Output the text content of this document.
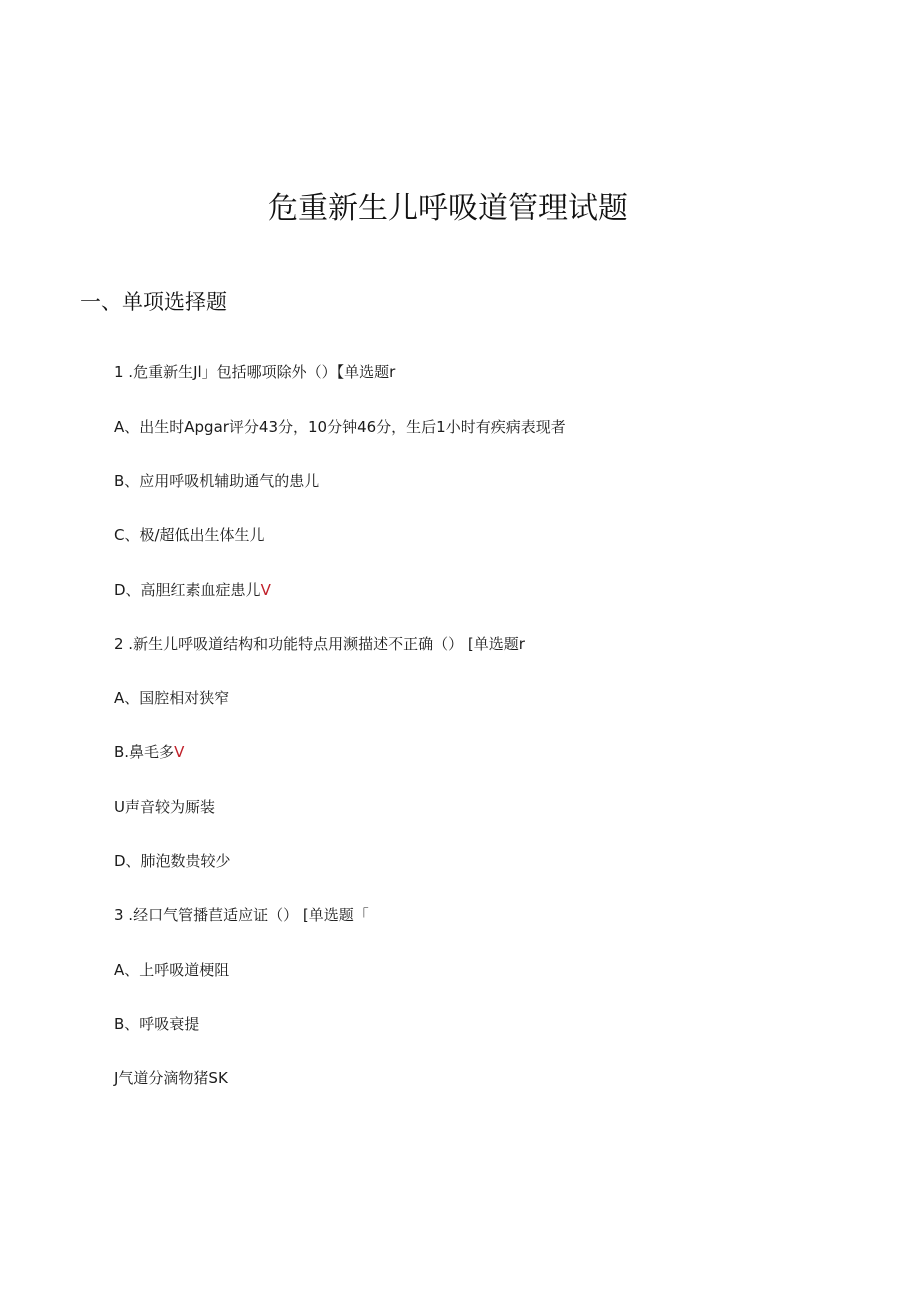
危重新生儿呼吸道管理试题
一、单项选择题
1 .危重新生Jl」包括哪项除外（）【单选题r
A、出生时Apgar评分43分，10分钟46分，生后1小时有疾病表现者
B、应用呼吸机辅助通气的患儿
C、极/超低出生体生儿
D、高胆红素血症患儿V
2 .新生儿呼吸道结构和功能特点用濒描述不正确（） [单选题r
A、国腔相对狭窄
B.鼻毛多V
U声音较为厮装
D、肺泡数贵较少
3 .经口气管播苣适应证（） [单选题「
A、上呼吸道梗阻
B、呼吸衰提
J气道分滴物猪SK
